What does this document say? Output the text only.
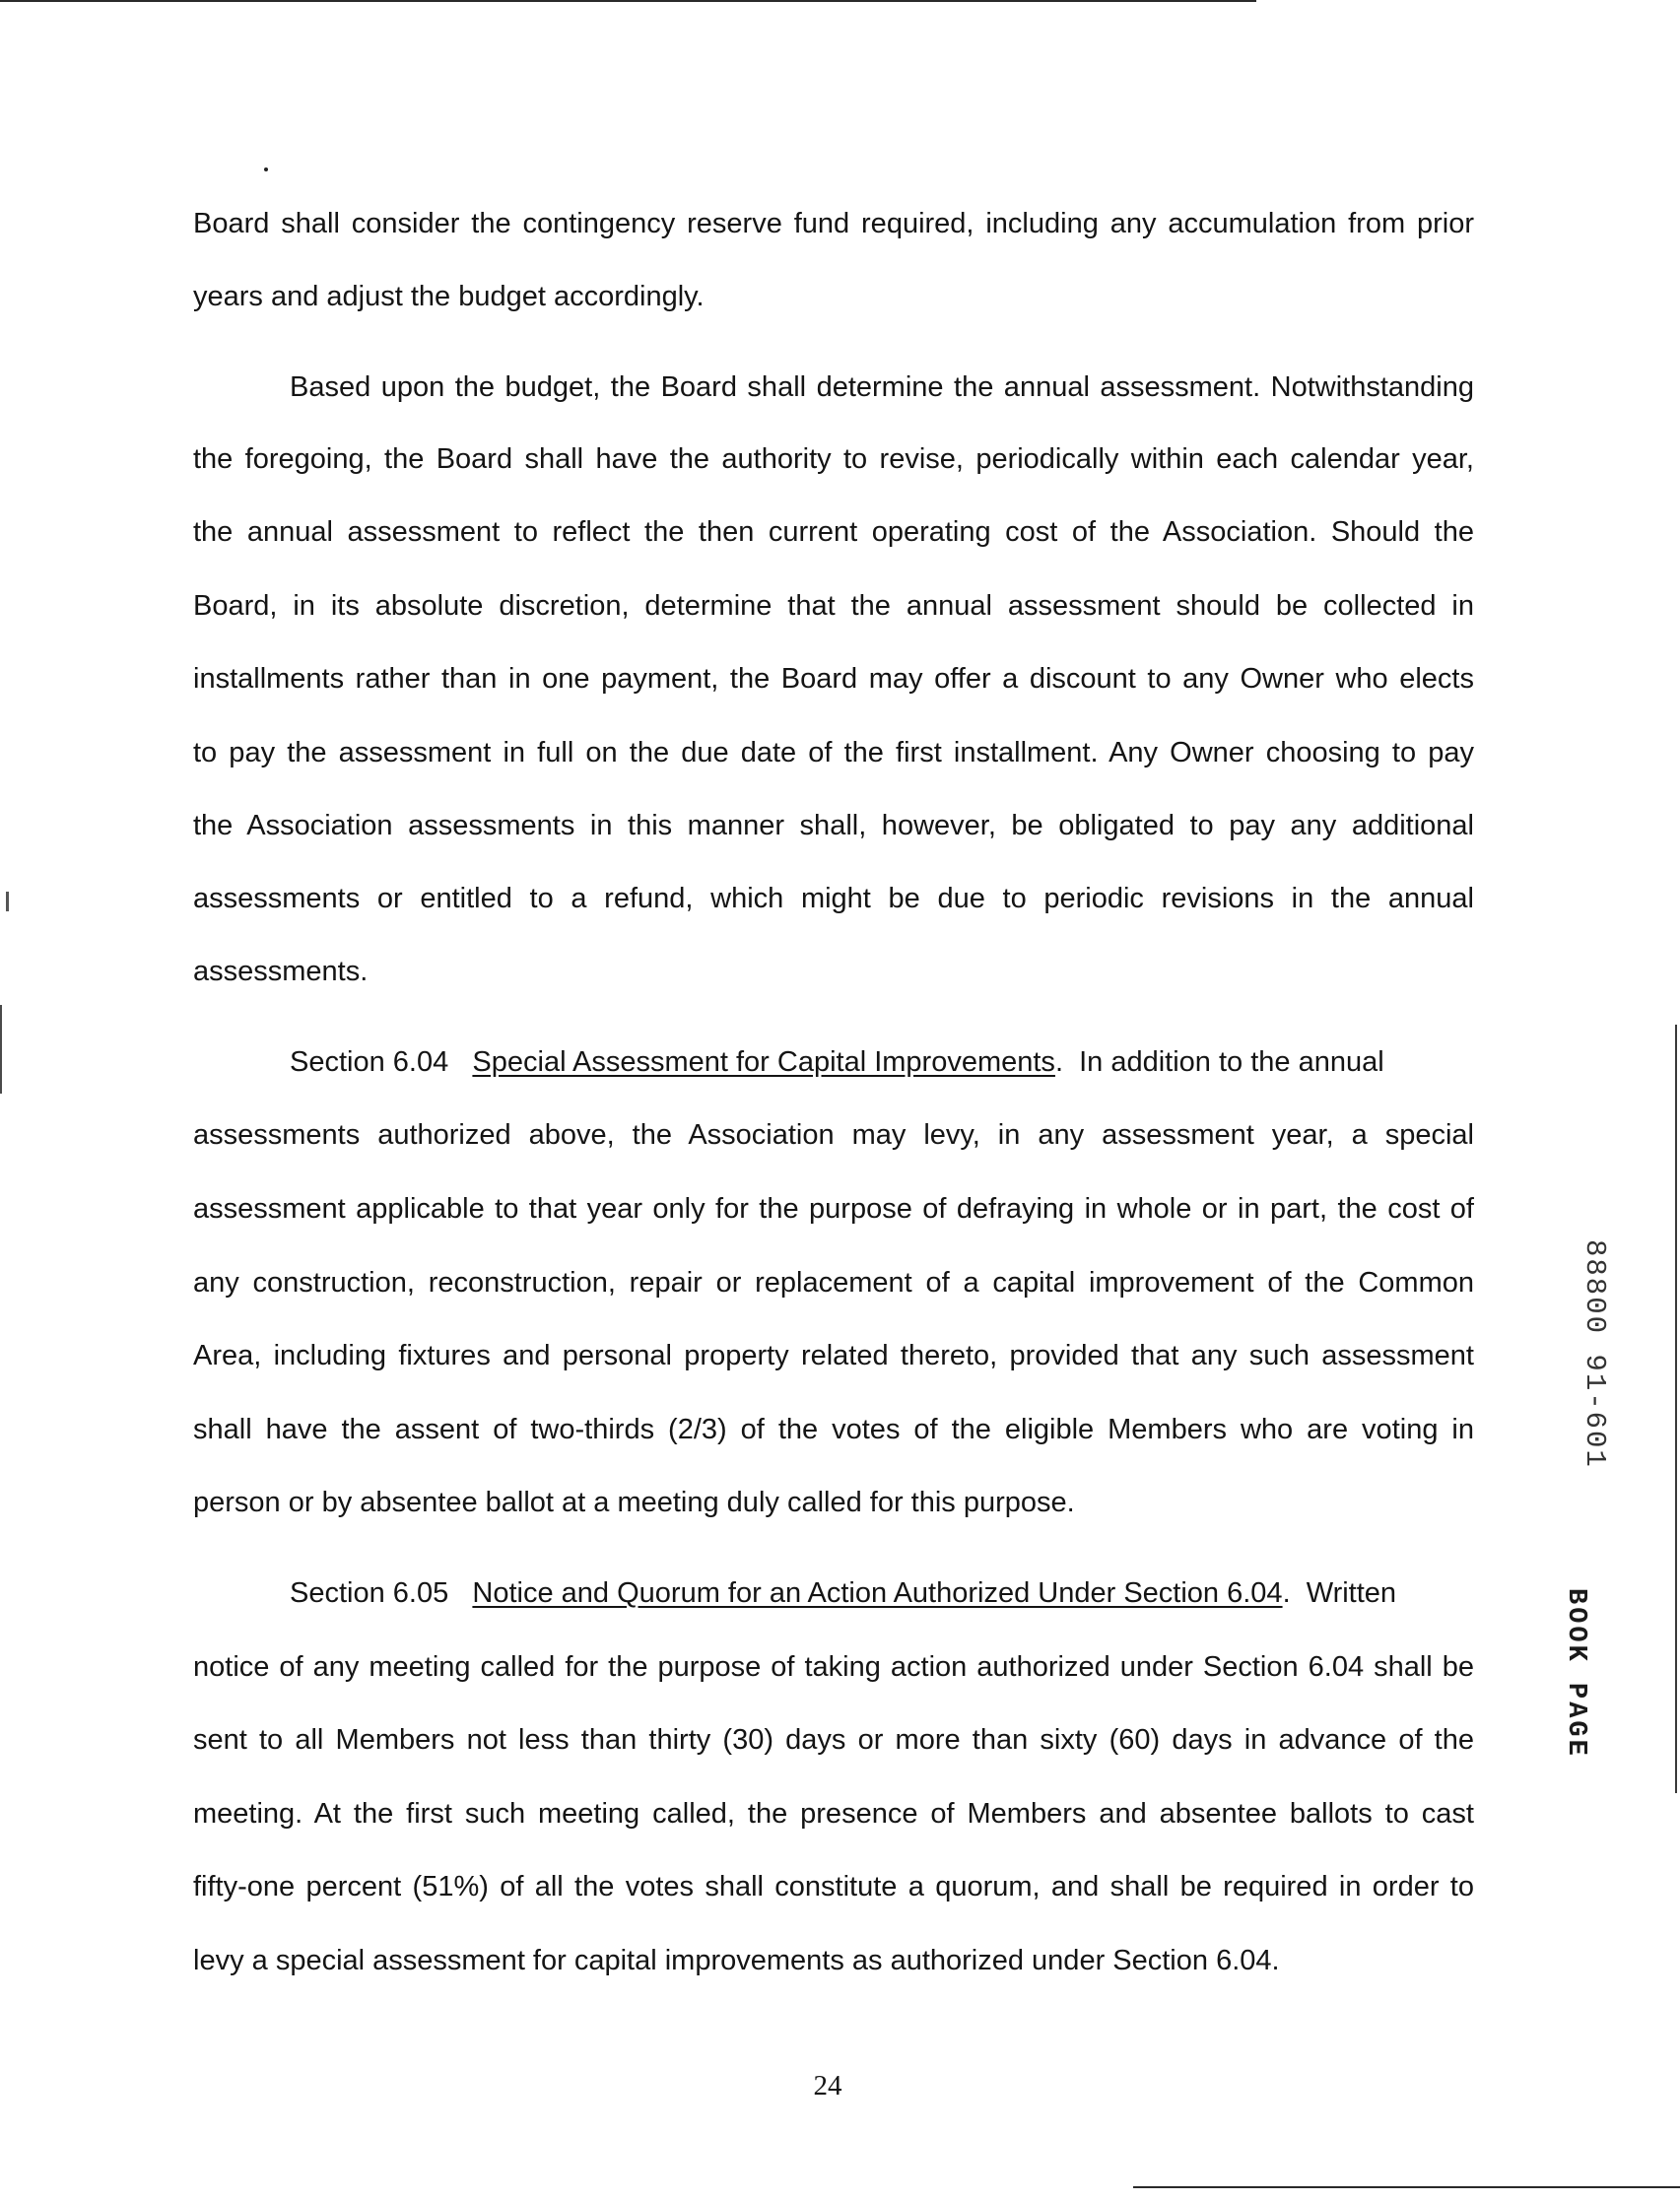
Board shall consider the contingency reserve fund required, including any accumulation from prior
years and adjust the budget accordingly.
Based upon the budget, the Board shall determine the annual assessment. Notwithstanding
the foregoing, the Board shall have the authority to revise, periodically within each calendar year,
the annual assessment to reflect the then current operating cost of the Association. Should the
Board, in its absolute discretion, determine that the annual assessment should be collected in
installments rather than in one payment, the Board may offer a discount to any Owner who elects
to pay the assessment in full on the due date of the first installment. Any Owner choosing to pay
the Association assessments in this manner shall, however, be obligated to pay any additional
assessments or entitled to a refund, which might be due to periodic revisions in the annual
assessments.
Section 6.04 Special Assessment for Capital Improvements.  In addition to the annual
assessments authorized above, the Association may levy, in any assessment year, a special
assessment applicable to that year only for the purpose of defraying in whole or in part, the cost of
any construction, reconstruction, repair or replacement of a capital improvement of the Common
Area, including fixtures and personal property related thereto, provided that any such assessment
shall have the assent of two-thirds (2/3) of the votes of the eligible Members who are voting in
person or by absentee ballot at a meeting duly called for this purpose.
Section 6.05 Notice and Quorum for an Action Authorized Under Section 6.04.  Written
notice of any meeting called for the purpose of taking action authorized under Section 6.04 shall be
sent to all Members not less than thirty (30) days or more than sixty (60) days in advance of the
meeting. At the first such meeting called, the presence of Members and absentee ballots to cast
fifty-one percent (51%) of all the votes shall constitute a quorum, and shall be required in order to
levy a special assessment for capital improvements as authorized under Section 6.04.
24
88800 91-601
BOOK PAGE
